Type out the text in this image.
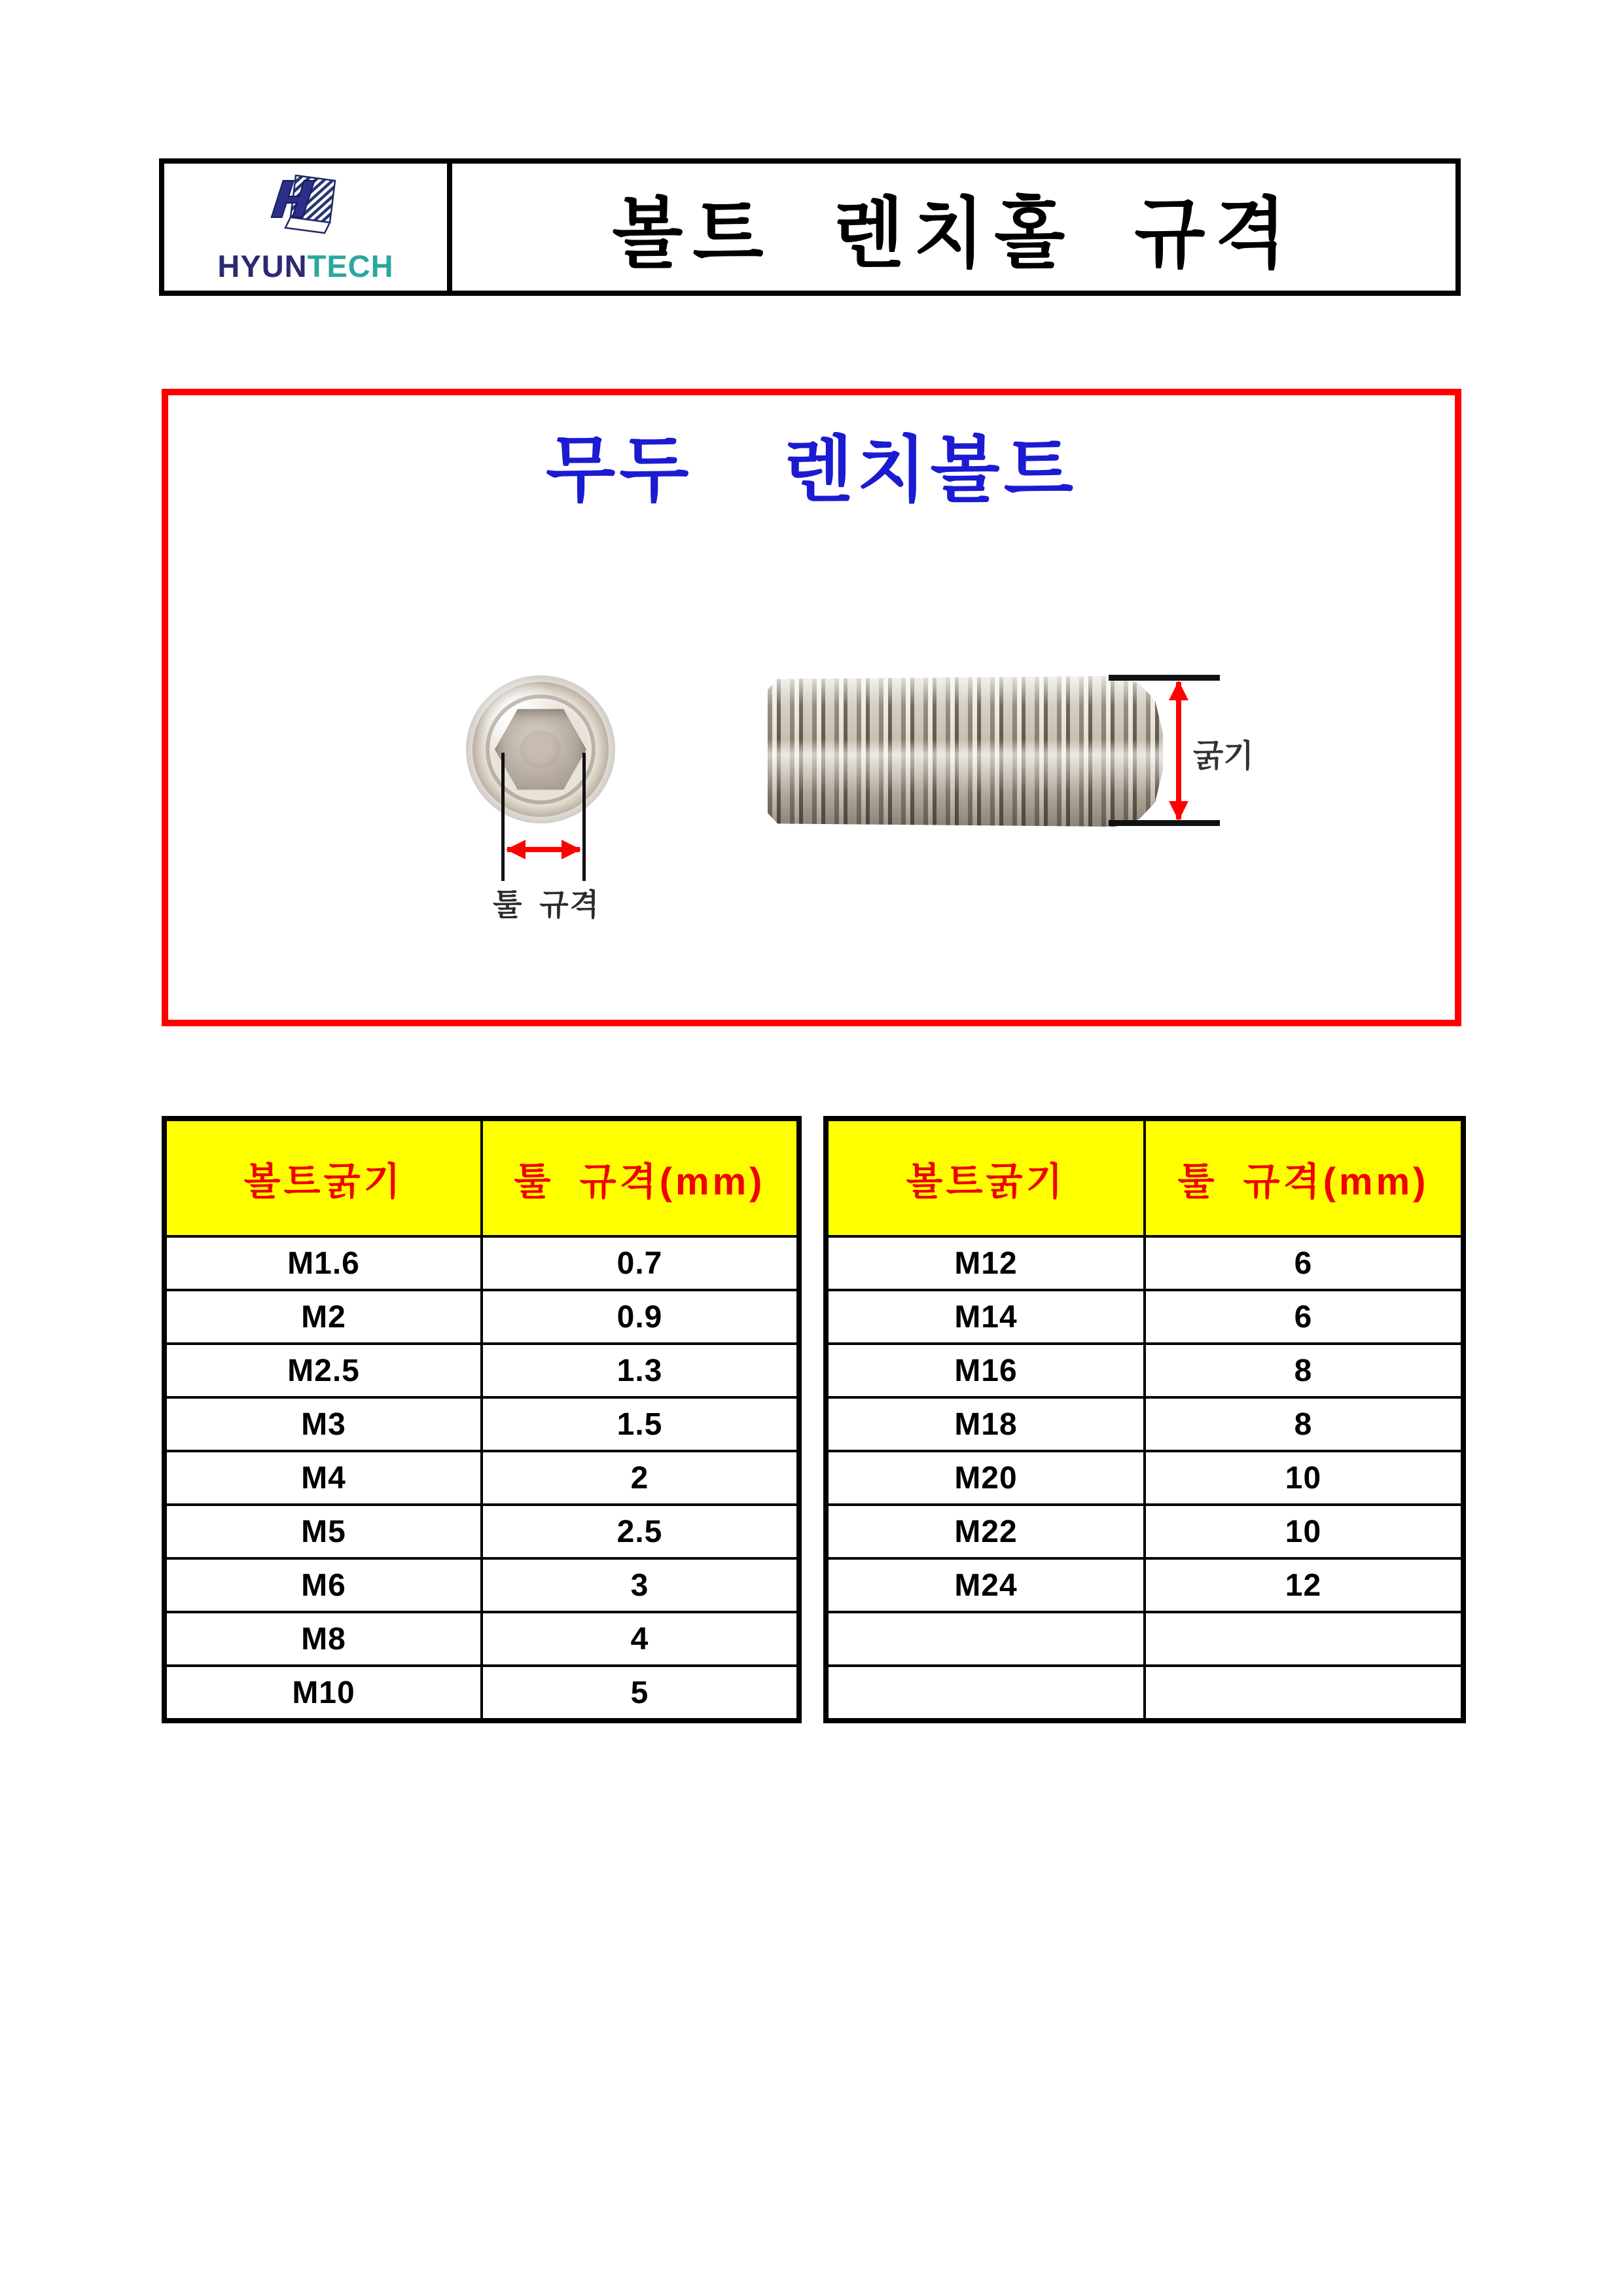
HYUNTECH	볼트 렌치홀 규격
무두 렌치볼트
툴 규격
굵기
볼트굵기	툴 규격(mm)
M1.6	0.7
M2	0.9
M2.5	1.3
M3	1.5
M4	2
M5	2.5
M6	3
M8	4
M10	5
볼트굵기	툴 규격(mm)
M12	6
M14	6
M16	8
M18	8
M20	10
M22	10
M24	12
